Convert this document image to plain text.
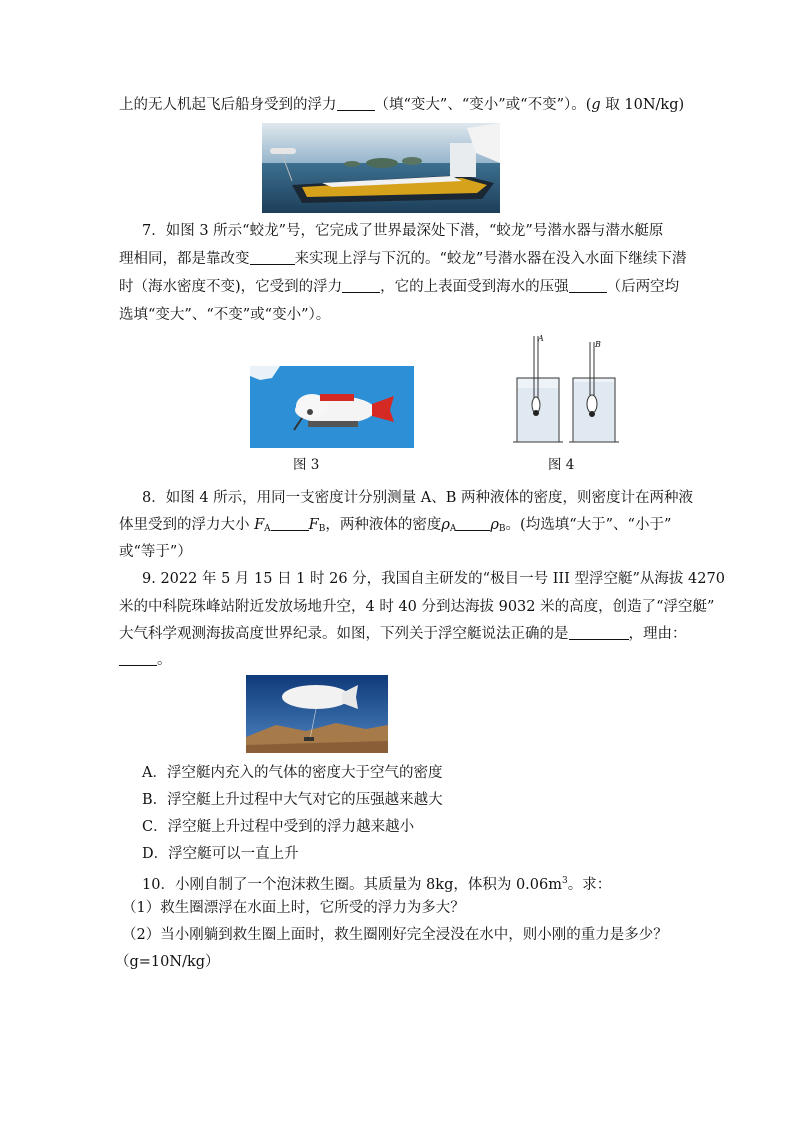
上的无人机起飞后船身受到的浮力	（填“变大”、“变小”或“不变”）。(g 取 10N/kg)
7．如图 3 所示“蛟龙”号，它完成了世界最深处下潜，“蛟龙”号潜水器与潜水艇原
理相同，都是靠改变	来实现上浮与下沉的。“蛟龙”号潜水器在没入水面下继续下潜
时（海水密度不变)，它受到的浮力	，它的上表面受到海水的压强	（后两空均
选填“变大”、“不变”或“变小”）。
图 3
A
B
图 4
8．如图 4 所示，用同一支密度计分别测量 A、B 两种液体的密度，则密度计在两种液
体里受到的浮力大小 $F_A$	$F_B$，两种液体的密度$\rho_A$ $\rho_B$。(均选填“大于”、“小于”
或“等于”）
9. 2022 年 5 月 15 日 1 时 26 分，我国自主研发的“极目一号 III 型浮空艇”从海拔 4270
米的中科院珠峰站附近发放场地升空，4 时 40 分到达海拔 9032 米的高度，创造了“浮空艇”
大气科学观测海拔高度世界纪录。如图，下列关于浮空艇说法正确的是	，理由：
。
A．浮空艇内充入的气体的密度大于空气的密度
B．浮空艇上升过程中大气对它的压强越来越大
C．浮空艇上升过程中受到的浮力越来越小
D．浮空艇可以一直上升
10．小刚自制了一个泡沫救生圈。其质量为 8kg，体积为 $0.06m^3$。求：
（1）救生圈漂浮在水面上时，它所受的浮力为多大？
（2）当小刚躺到救生圈上面时，救生圈刚好完全浸没在水中，则小刚的重力是多少？
（g=10N/kg）
